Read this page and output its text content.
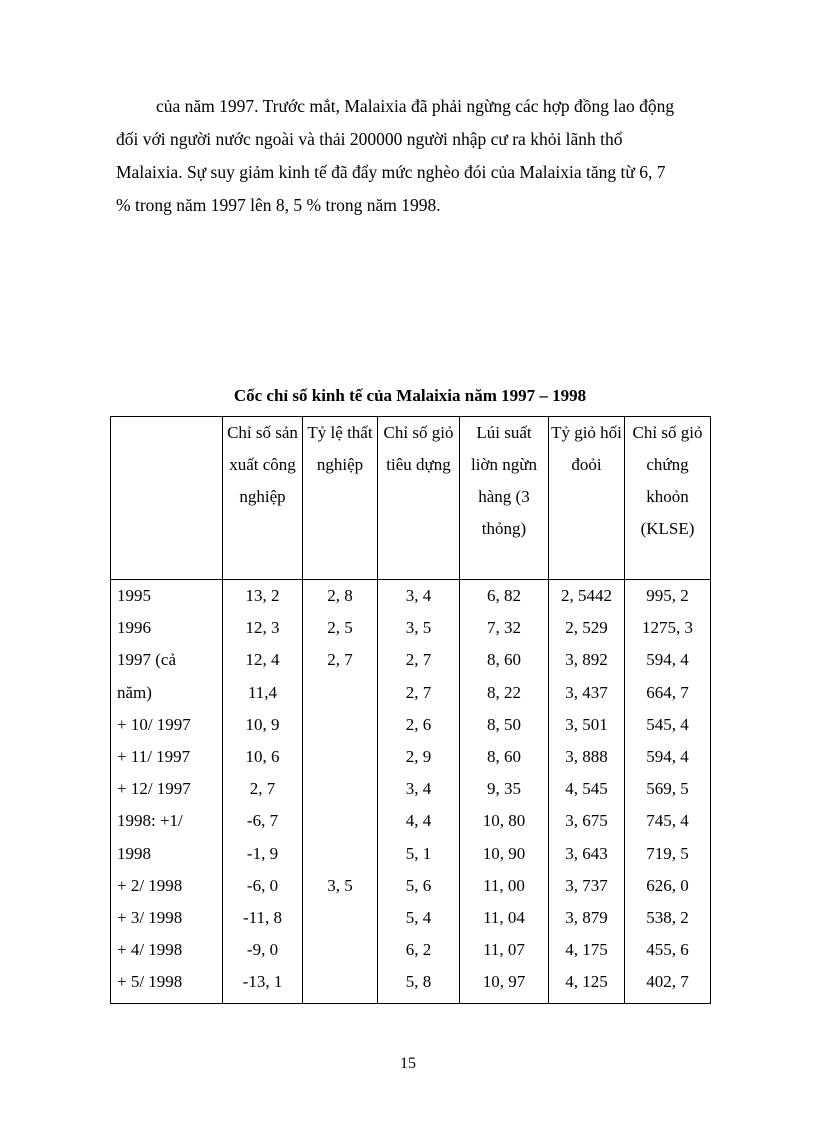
của năm 1997. Trước mắt, Malaixia đã phải ngừng các hợp đồng lao động

đối với người nước ngoài và thải 200000 người nhập cư ra khỏi lãnh thổ

Malaixia. Sự suy giảm kinh tế đã đẩy mức nghèo đói của Malaixia tăng từ 6, 7

% trong năm 1997 lên 8, 5 % trong năm 1998.

Cốc chỉ số kinh tế của Malaixia năm 1997 – 1998
	Chỉ số sản xuất công nghiệp	Tỷ lệ thất nghiệp	Chỉ số giỏ tiêu dựng	Lúi suất liờn ngừn hàng (3 thỏng)	Tỷ giỏ hối đoỏi	Chỉ số giỏ chứng khoỏn (KLSE)
1995	13, 2	2, 8	3, 4	6, 82	2, 5442	995, 2
1996	12, 3	2, 5	3, 5	7, 32	2, 529	1275, 3
1997 (cả	12, 4	2, 7	2, 7	8, 60	3, 892	594, 4
năm)	11,4		2, 7	8, 22	3, 437	664, 7
+ 10/ 1997	10, 9		2, 6	8, 50	3, 501	545, 4
+ 11/ 1997	10, 6		2, 9	8, 60	3, 888	594, 4
+ 12/ 1997	2, 7		3, 4	9, 35	4, 545	569, 5
1998: +1/	-6, 7		4, 4	10, 80	3, 675	745, 4
1998	-1, 9		5, 1	10, 90	3, 643	719, 5
+ 2/ 1998	-6, 0	3, 5	5, 6	11, 00	3, 737	626, 0
+ 3/ 1998	-11, 8		5, 4	11, 04	3, 879	538, 2
+ 4/ 1998	-9, 0		6, 2	11, 07	4, 175	455, 6
+ 5/ 1998	-13, 1		5, 8	10, 97	4, 125	402, 7
15
